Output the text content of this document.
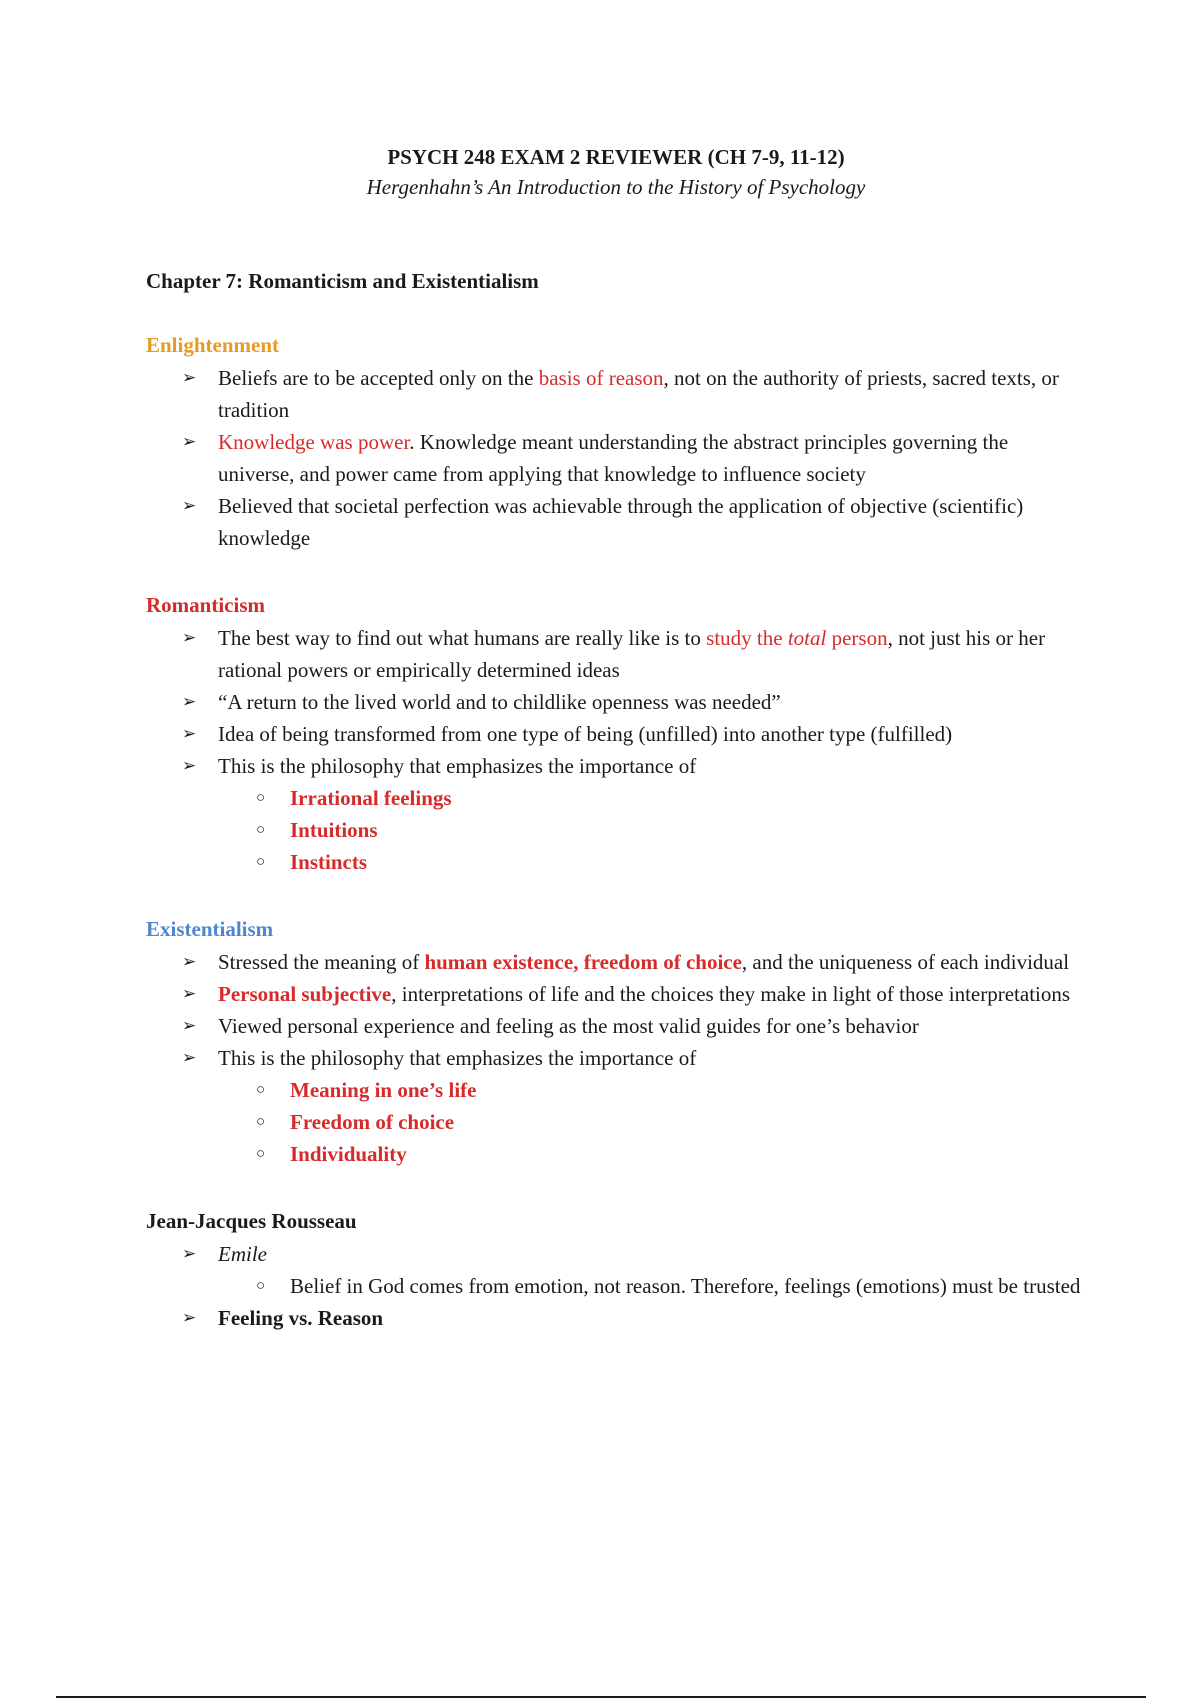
PSYCH 248 EXAM 2 REVIEWER (CH 7-9, 11-12)

Hergenhahn’s An Introduction to the History of Psychology

Chapter 7: Romanticism and Existentialism

Enlightenment

➢ Beliefs are to be accepted only on the basis of reason, not on the authority of priests, sacred texts, or tradition
➢ Knowledge was power. Knowledge meant understanding the abstract principles governing the universe, and power came from applying that knowledge to influence society
➢ Believed that societal perfection was achievable through the application of objective (scientific) knowledge

Romanticism

➢ The best way to find out what humans are really like is to study the total person, not just his or her rational powers or empirically determined ideas
➢ “A return to the lived world and to childlike openness was needed”
➢ Idea of being transformed from one type of being (unfilled) into another type (fulfilled)
➢ This is the philosophy that emphasizes the importance of
○ Irrational feelings
○ Intuitions
○ Instincts

Existentialism

➢ Stressed the meaning of human existence, freedom of choice, and the uniqueness of each individual
➢ Personal subjective, interpretations of life and the choices they make in light of those interpretations
➢ Viewed personal experience and feeling as the most valid guides for one’s behavior
➢ This is the philosophy that emphasizes the importance of
○ Meaning in one’s life
○ Freedom of choice
○ Individuality

Jean-Jacques Rousseau

➢ Emile
○ Belief in God comes from emotion, not reason. Therefore, feelings (emotions) must be trusted
➢ Feeling vs. Reason
